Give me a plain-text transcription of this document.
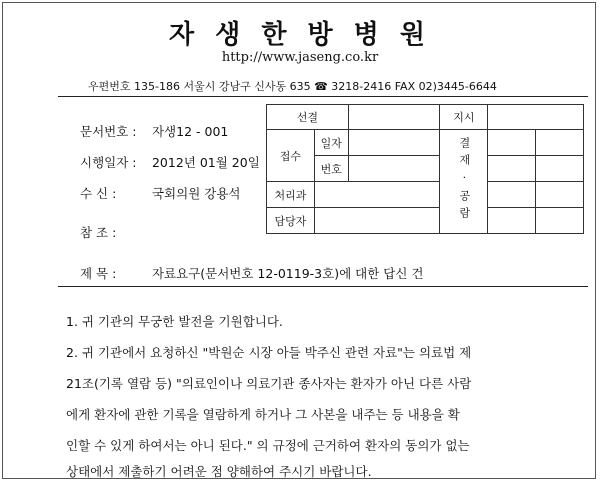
자 생 한 방 병 원
http://www.jaseng.co.kr
우편번호 135-186 서울시 강남구 신사동 635 ☎ 3218-2416 FAX 02)3445-6644
문서번호 : 자생12 - 001
시행일자 : 2012년 01월 20일
수 신 :	국회의원 강용석
참 조 :
선결			지시		
접수	일자		결재·공람		
	번호				
처리과					
담당자					
제 목 :	자료요구(문서번호 12-0119-3호)에 대한 답신 건
1. 귀 기관의 무궁한 발전을 기원합니다.
2. 귀 기관에서 요청하신 "박원순 시장 아들 박주신 관련 자료"는 의료법 제
21조(기록 열람 등) "의료인이나 의료기관 종사자는 환자가 아닌 다른 사람
에게 환자에 관한 기록을 열람하게 하거나 그 사본을 내주는 등 내용을 확
인할 수 있게 하여서는 아니 된다." 의 규정에 근거하여 환자의 동의가 없는
상태에서 제출하기 어려운 점 양해하여 주시기 바랍니다.
